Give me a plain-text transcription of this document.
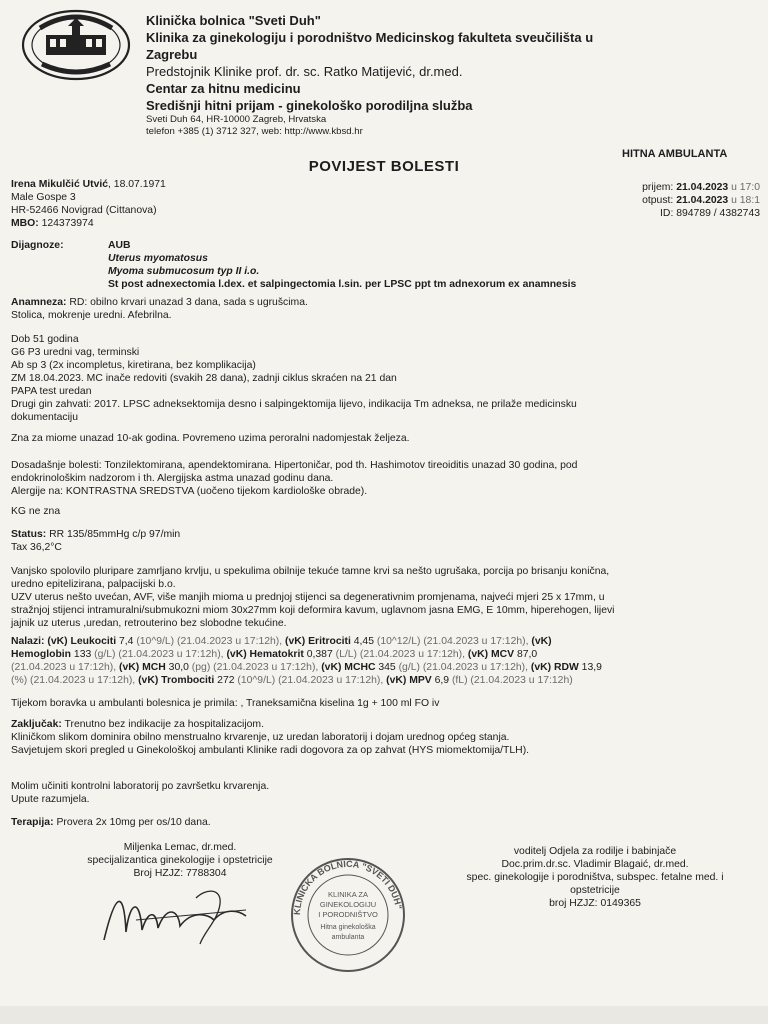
Klinička bolnica "Sveti Duh"
Klinika za ginekologiju i porodništvo Medicinskog fakulteta sveučilišta u
Zagrebu
Predstojnik Klinike prof. dr. sc. Ratko Matijević, dr.med.
Centar za hitnu medicinu
Središnji hitni prijam - ginekološko porodiljna služba
Sveti Duh 64, HR-10000 Zagreb, Hrvatska
telefon +385 (1) 3712 327, web: http://www.kbsd.hr
HITNA AMBULANTA
POVIJEST BOLESTI
Irena Mikulčić Utvić, 18.07.1971
Male Gospe 3
HR-52466 Novigrad (Cittanova)
MBO: 124373974
prijem: 21.04.2023 u 17:0
otpust: 21.04.2023 u 18:1
ID: 894789 / 4382743
Dijagnoze:	AUB
Uterus myomatosus
Myoma submucosum typ II i.o.
St post adnexectomia l.dex. et salpingectomia l.sin. per LPSC ppt tm adnexorum ex anamnesis
Anamneza: RD: obilno krvari unazad 3 dana, sada s ugrušcima.
Stolica, mokrenje uredni. Afebrilna.
Dob 51 godina
G6 P3 uredni vag, terminski
Ab sp 3 (2x incompletus, kiretirana, bez komplikacija)
ZM 18.04.2023. MC inače redoviti (svakih 28 dana), zadnji ciklus skraćen na 21 dan
PAPA test uredan
Drugi gin zahvati: 2017. LPSC adneksektomija desno i salpingektomija lijevo, indikacija Tm adneksa, ne prilaže medicinsku
dokumentaciju
Zna za miome unazad 10-ak godina. Povremeno uzima peroralni nadomjestak željeza.
Dosadašnje bolesti: Tonzilektomirana, apendektomirana. Hipertoničar, pod th. Hashimotov tireoiditis unazad 30 godina, pod
endokrinološkim nadzorom i th. Alergijska astma unazad godinu dana.
Alergije na: KONTRASTNA SREDSTVA (uočeno tijekom kardiološke obrade).
KG ne zna
Status: RR 135/85mmHg c/p 97/min
Tax 36,2°C
Vanjsko spolovilo pluripare zamrljano krvlju, u spekulima obilnije tekuće tamne krvi sa nešto ugrušaka, porcija po brisanju konična,
uredno epitelizirana, palpacijski b.o.
UZV uterus nešto uvećan, AVF, više manjih mioma u prednjoj stijenci sa degenerativnim promjenama, najveći mjeri 25 x 17mm, u
stražnjoj stijenci intramuralni/submukozni miom 30x27mm koji deformira kavum, uglavnom jasna EMG, E 10mm, hiperehogen, lijevi
jajnik uz uterus ,uredan, retrouterino bez slobodne tekućine.
Nalazi: (vK) Leukociti 7,4 (10^9/L) (21.04.2023 u 17:12h), (vK) Eritrociti 4,45 (10^12/L) (21.04.2023 u 17:12h), (vK)
Hemoglobin 133 (g/L) (21.04.2023 u 17:12h), (vK) Hematokrit 0,387 (L/L) (21.04.2023 u 17:12h), (vK) MCV 87,0
(21.04.2023 u 17:12h), (vK) MCH 30,0 (pg) (21.04.2023 u 17:12h), (vK) MCHC 345 (g/L) (21.04.2023 u 17:12h), (vK) RDW 13,9
(%) (21.04.2023 u 17:12h), (vK) Trombociti 272 (10^9/L) (21.04.2023 u 17:12h), (vK) MPV 6,9 (fL) (21.04.2023 u 17:12h)
Tijekom boravka u ambulanti bolesnica je primila: , Traneksamična kiselina 1g + 100 ml FO iv
Zaključak: Trenutno bez indikacije za hospitalizacijom.
Kliničkom slikom dominira obilno menstrualno krvarenje, uz uredan laboratorij i dojam urednog općeg stanja.
Savjetujem skori pregled u Ginekološkoj ambulanti Klinike radi dogovora za op zahvat (HYS miomektomija/TLH).
Molim učiniti kontrolni laboratorij po završetku krvarenja.
Upute razumjela.
Terapija: Provera 2x 10mg per os/10 dana.
Miljenka Lemac, dr.med.
specijalizantica ginekologije i opstetricije
Broj HZJZ: 7788304
KLINIČKA BOLNICA "SVETI DUH"
KLINIKA ZA
GINEKOLOGIJU
I PORODNIŠTVO
Hitna ginekološka
ambulanta
voditelj Odjela za rodilje i babinjače
Doc.prim.dr.sc. Vladimir Blagaić, dr.med.
spec. ginekologije i porodništva, subspec. fetalne med. i
opstetricije
broj HZJZ: 0149365
